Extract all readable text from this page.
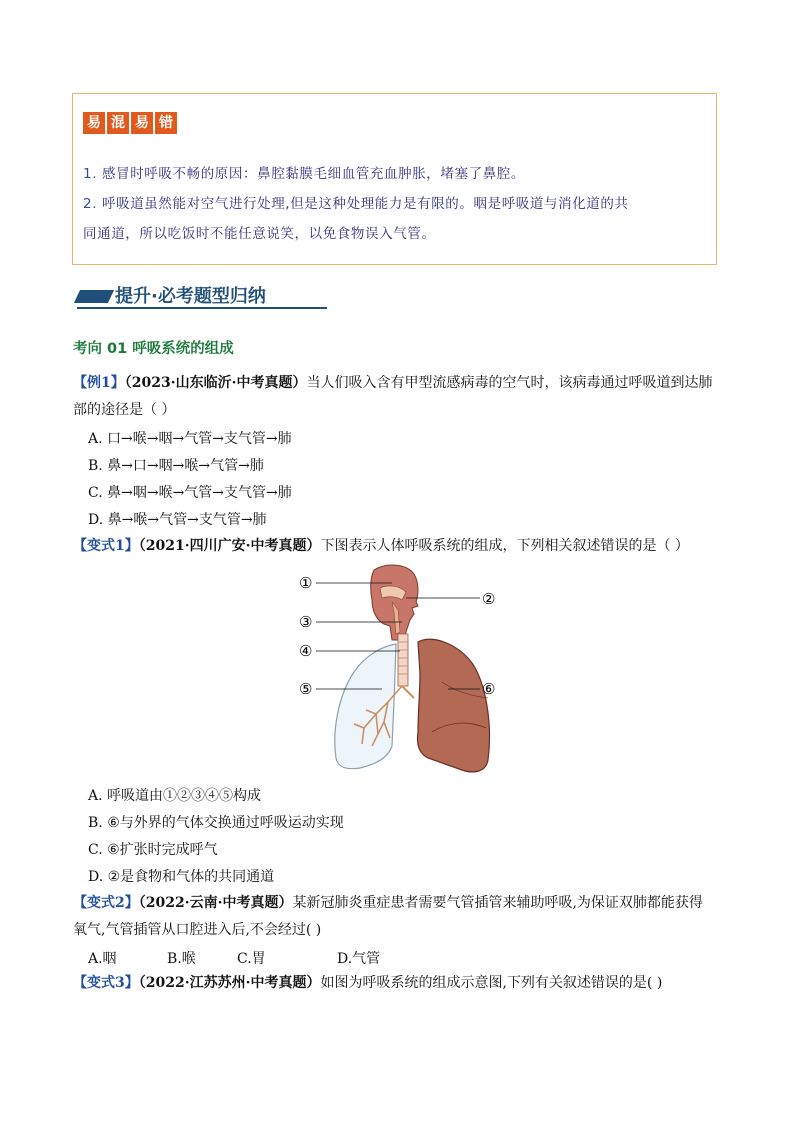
易 混 易 错
1. 感冒时呼吸不畅的原因：鼻腔黏膜毛细血管充血肿胀，堵塞了鼻腔。
2. 呼吸道虽然能对空气进行处理,但是这种处理能力是有限的。咽是呼吸道与消化道的共
同通道，所以吃饭时不能任意说笑，以免食物误入气管。
提升·必考题型归纳
考向 01 呼吸系统的组成
【例1】（2023·山东临沂·中考真题）当人们吸入含有甲型流感病毒的空气时，该病毒通过呼吸道到达肺
部的途径是（ ）
A. 口→喉→咽→气管→支气管→肺
B. 鼻→口→咽→喉→气管→肺
C. 鼻→咽→喉→气管→支气管→肺
D. 鼻→喉→气管→支气管→肺
【变式1】（2021·四川广安·中考真题）下图表示人体呼吸系统的组成，下列相关叙述错误的是（ ）
①
②
③
④
⑤	⑥
A. 呼吸道由①②③④⑤构成
B. ⑥与外界的气体交换通过呼吸运动实现
C. ⑥扩张时完成呼气
D. ②是食物和气体的共同通道
【变式2】（2022·云南·中考真题）某新冠肺炎重症患者需要气管插管来辅助呼吸,为保证双肺都能获得
氧气,气管插管从口腔进入后,不会经过( )
A.咽	B.喉	C.胃	D.气管
【变式3】（2022·江苏苏州·中考真题）如图为呼吸系统的组成示意图,下列有关叙述错误的是( )
